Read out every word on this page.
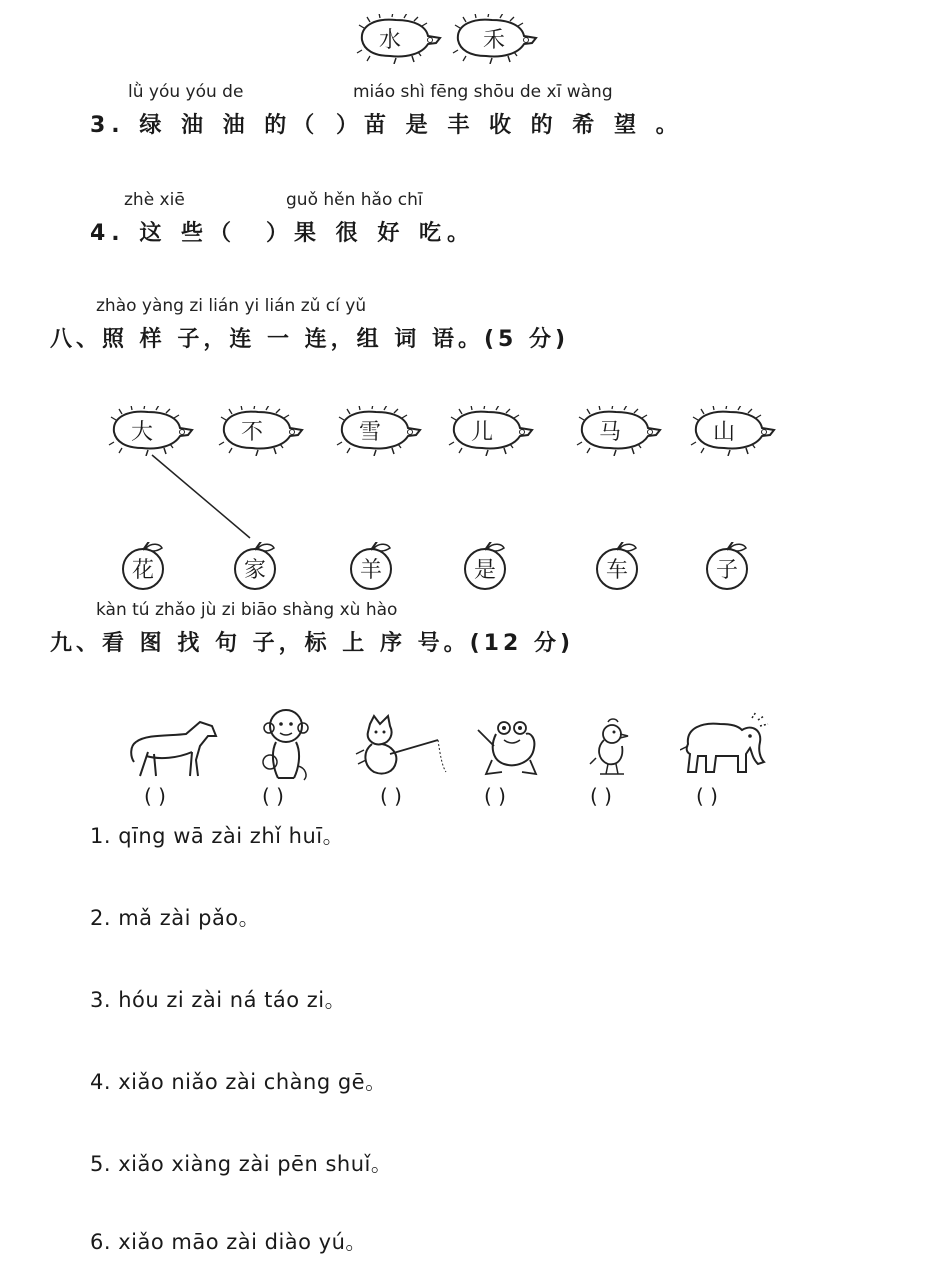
水	禾
lǜ yóu yóu de	miáo shì fēng shōu de xī wàng
3. 绿 油 油 的（ ）苗 是 丰 收 的 希 望 。
zhè xiē	guǒ hěn hǎo chī
4. 这 些（ ）果 很 好 吃。
zhào yàng zi lián yi lián zǔ cí yǔ
八、照 样 子，连 一 连，组 词 语。(5 分)
大	不	雪	儿	马	山
花	家	羊	是	车	子
kàn tú zhǎo jù zi biāo shàng xù hào
九、看 图 找 句 子，标 上 序 号。(12 分)
( )	( )	( )	( )	( )	( )
1. qīng wā zài zhǐ huī。
2. mǎ zài pǎo。
3. hóu zi zài ná táo zi。
4. xiǎo niǎo zài chàng gē。
5. xiǎo xiàng zài pēn shuǐ。
6. xiǎo māo zài diào yú。
